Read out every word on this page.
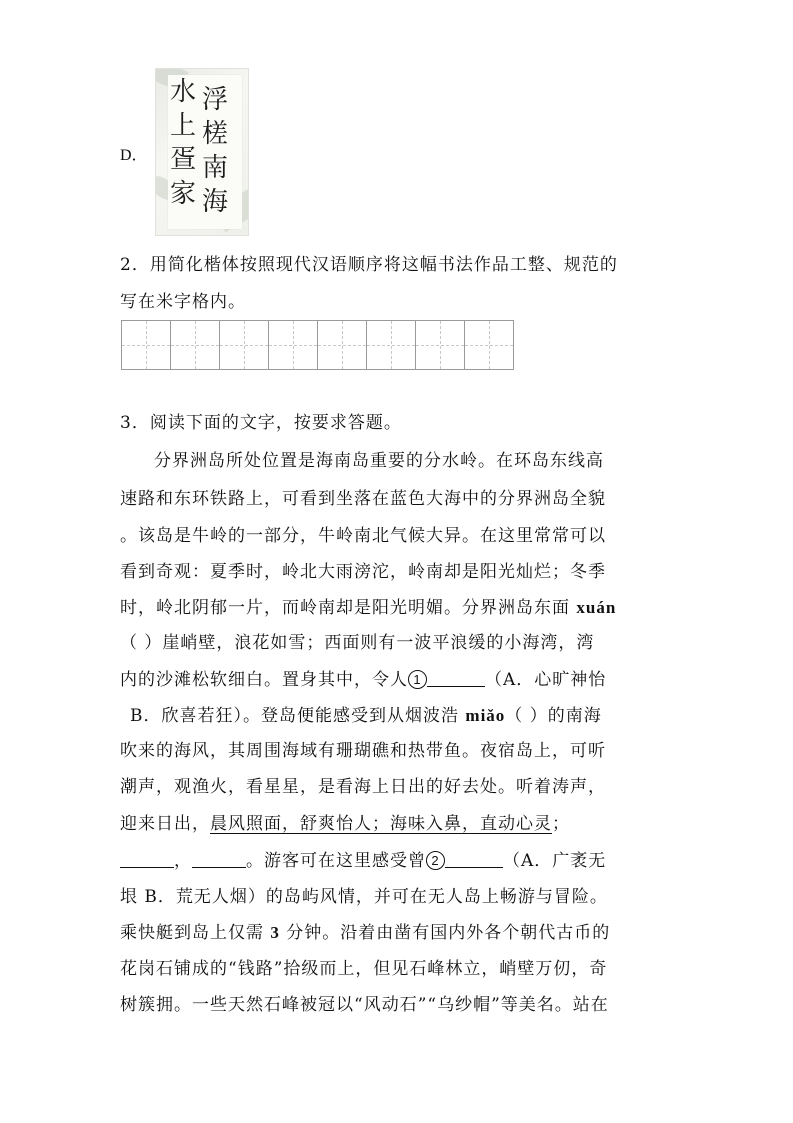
D．
浮
槎
南
海
水
上
疍
家
2．用简化楷体按照现代汉语顺序将这幅书法作品工整、规范的
写在米字格内。
3．阅读下面的文字，按要求答题。
分界洲岛所处位置是海南岛重要的分水岭。在环岛东线高
速路和东环铁路上，可看到坐落在蓝色大海中的分界洲岛全貌
。该岛是牛岭的一部分，牛岭南北气候大异。在这里常常可以
看到奇观：夏季时，岭北大雨滂沱，岭南却是阳光灿烂；冬季
时，岭北阴郁一片，而岭南却是阳光明媚。分界洲岛东面 xuán
（ ）崖峭壁，浪花如雪；西面则有一波平浪缓的小海湾，湾
内的沙滩松软细白。置身其中，令人 1	（A．心旷神怡
B．欣喜若狂）。登岛便能感受到从烟波浩 miǎo（ ）的南海
吹来的海风，其周围海域有珊瑚礁和热带鱼。夜宿岛上，可听
潮声，观渔火，看星星，是看海上日出的好去处。听着涛声，
迎来日出，晨风照面，舒爽怡人；海味入鼻，直动心灵；
，	。游客可在这里感受曾 2	（A．广袤无
垠 B．荒无人烟）的岛屿风情，并可在无人岛上畅游与冒险。
乘快艇到岛上仅需 3 分钟。沿着由凿有国内外各个朝代古币的
花岗石铺成的“钱路”拾级而上，但见石峰林立，峭壁万仞，奇
树簇拥。一些天然石峰被冠以“风动石”“乌纱帽”等美名。站在
